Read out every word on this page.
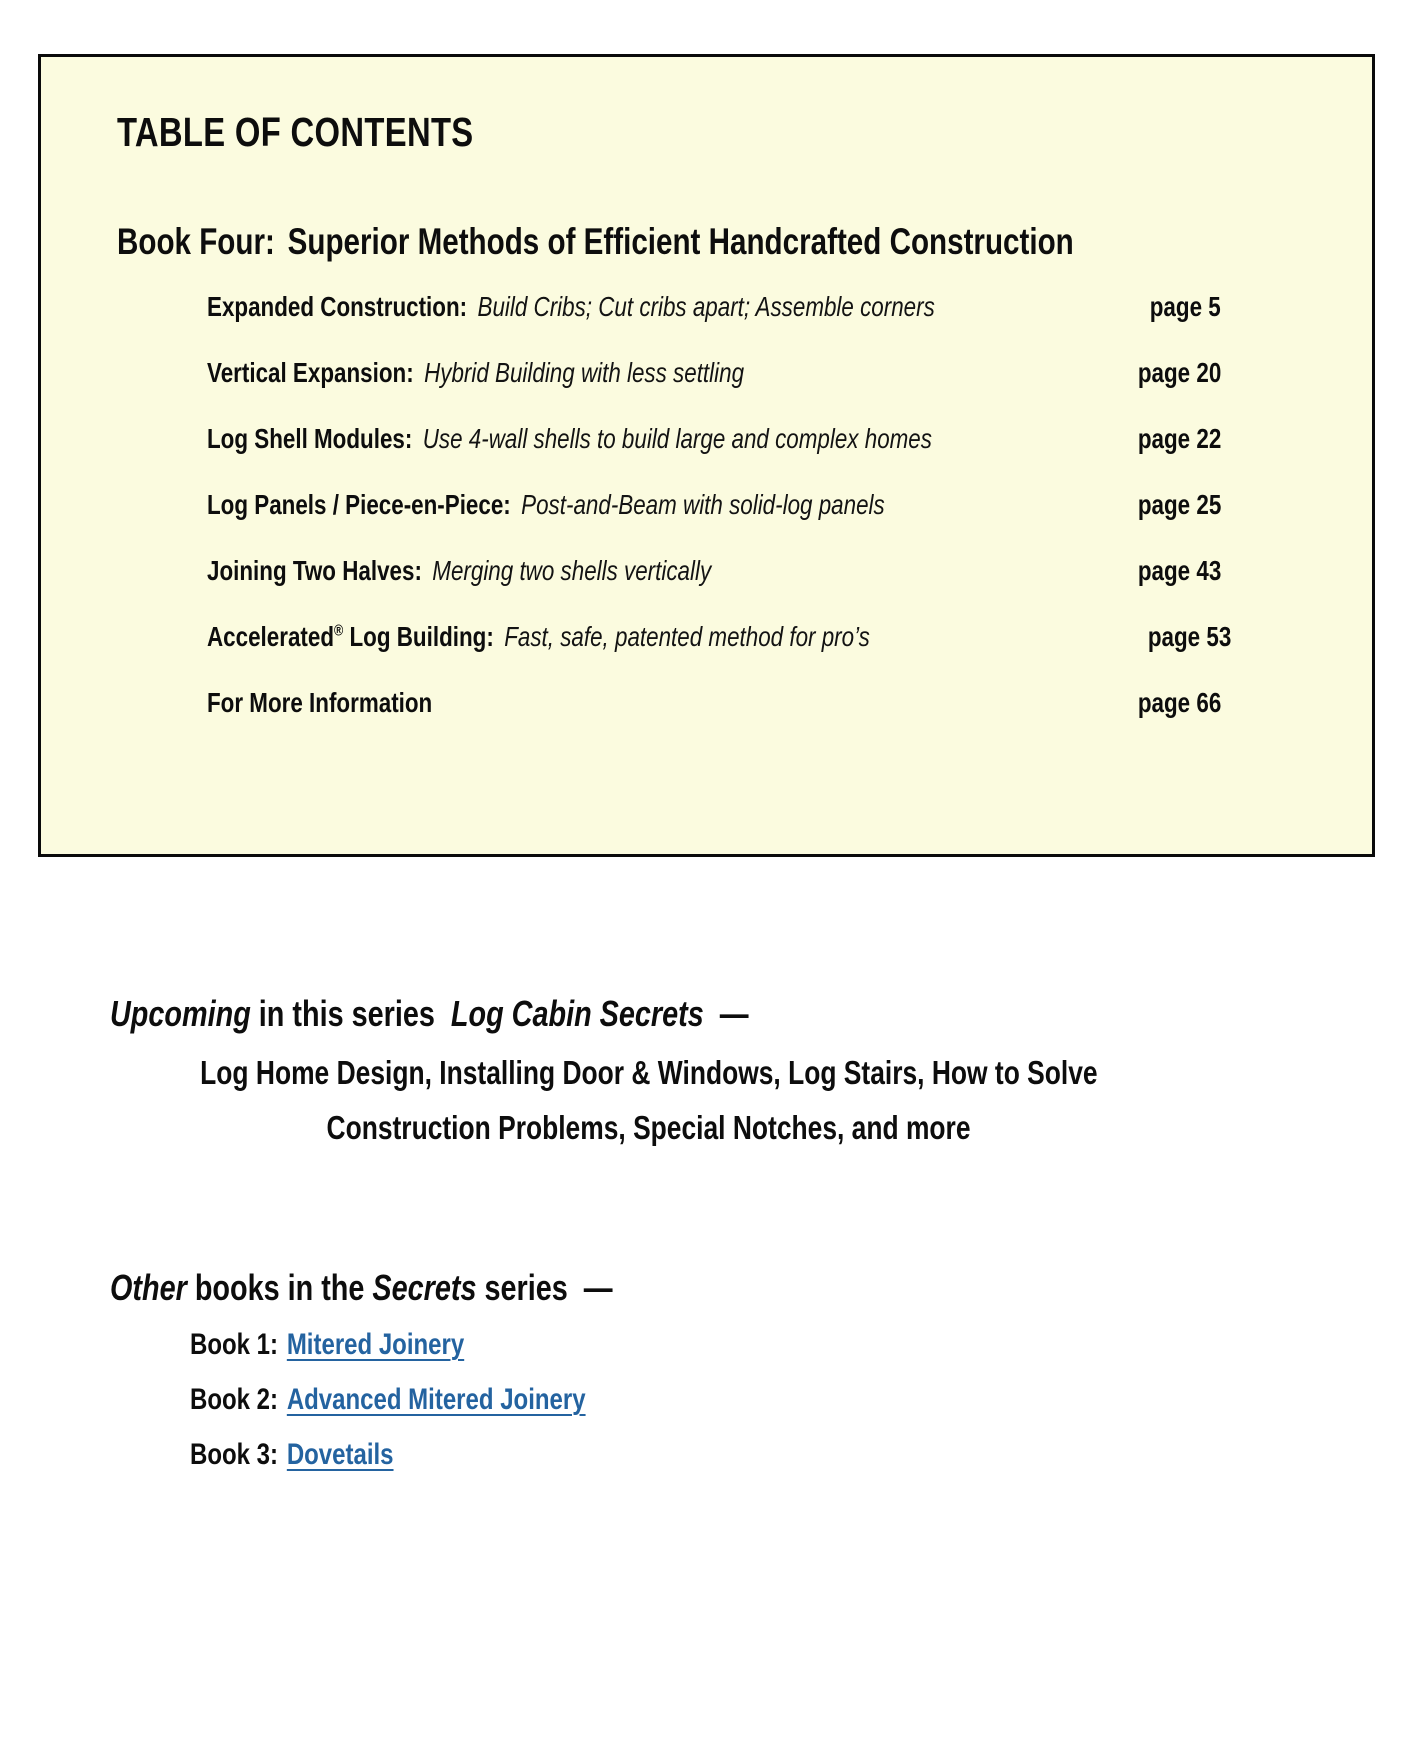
TABLE OF CONTENTS
Book Four: Superior Methods of Efficient Handcrafted Construction
Expanded Construction: Build Cribs; Cut cribs apart; Assemble corners	page 5
Vertical Expansion: Hybrid Building with less settling	page 20
Log Shell Modules: Use 4-wall shells to build large and complex homes	page 22
Log Panels / Piece-en-Piece: Post-and-Beam with solid-log panels	page 25
Joining Two Halves: Merging two shells vertically	page 43
Accelerated® Log Building: Fast, safe, patented method for pro’s	page 53
For More Information	page 66
Upcoming in this series Log Cabin Secrets —
Log Home Design, Installing Door & Windows, Log Stairs, How to Solve
Construction Problems, Special Notches, and more
Other books in the Secrets series —
Book 1: Mitered Joinery
Book 2: Advanced Mitered Joinery
Book 3: Dovetails
